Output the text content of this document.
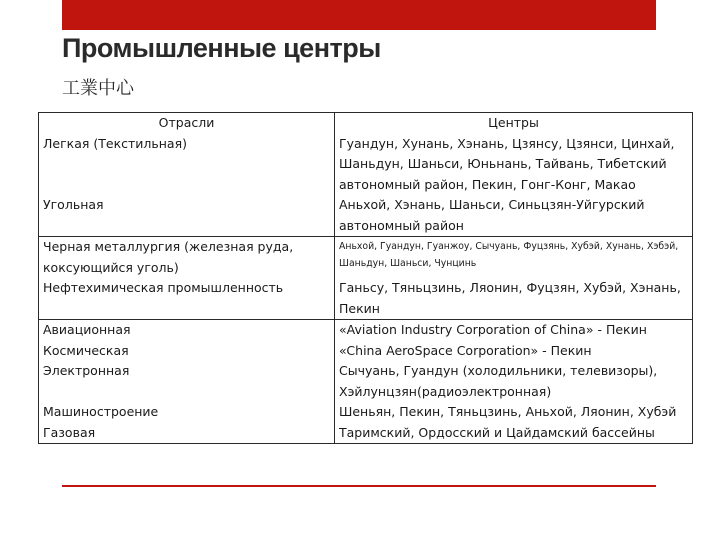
Промышленные центры
工業中心
Отрасли	Центры
Легкая (Текстильная)	Гуандун, Хунань, Хэнань, Цзянсу, Цзянси, Цинхай, Шаньдун, Шаньси, Юньнань, Тайвань, Тибетский автономный район, Пекин, Гонг-Конг, Макао
Угольная	Аньхой, Хэнань, Шаньси, Синьцзян-Уйгурский автономный район
Черная металлургия (железная руда, коксующийся уголь)	Аньхой, Гуандун, Гуанжоу, Сычуань, Фуцзянь, Хубэй, Хунань, Хэбэй, Шаньдун, Шаньси, Чунцинь
Нефтехимическая промышленность	Ганьсу, Тяньцзинь, Ляонин, Фуцзян, Хубэй, Хэнань, Пекин
Авиационная	«Aviation Industry Corporation of China» - Пекин
Космическая	«China AeroSpace Corporation» - Пекин
Электронная	Сычуань, Гуандун (холодильники, телевизоры), Хэйлунцзян(радиоэлектронная)
Машиностроение	Шеньян, Пекин, Тяньцзинь, Аньхой, Ляонин, Хубэй
Газовая	Таримский, Ордосский и Цайдамский бассейны
